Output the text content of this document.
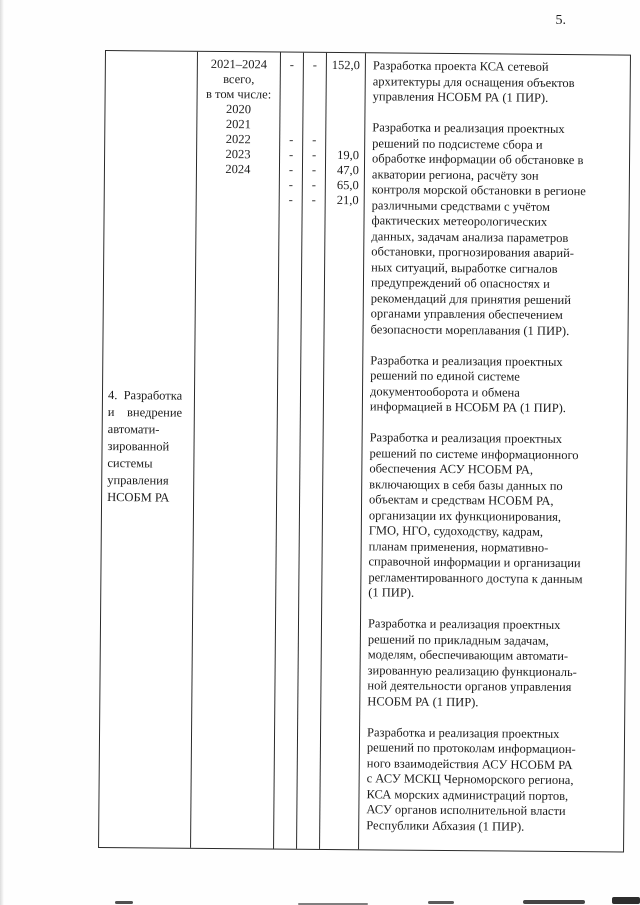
5.
4.  Разработка
и    внедрение
автомати-
зированной
системы
управления
НСОБМ РА
2021–2024
всего,
в том числе:
2020
2021
2022
2023
2024
-

-
-
-
-
-
-

-
-
-
-
-
152,0

19,0
47,0
65,0
21,0
Разработка проекта КСА сетевой
архитектуры для оснащения объектов
управления НСОБМ РА (1 ПИР).

Разработка и реализация проектных
решений по подсистеме сбора и
обработке информации об обстановке в
акватории региона, расчёту зон
контроля морской обстановки в регионе
различными средствами с учётом
фактических метеорологических
данных, задачам анализа параметров
обстановки, прогнозирования аварий-
ных ситуаций, выработке сигналов
предупреждений об опасностях и
рекомендаций для принятия решений
органами управления обеспечением
безопасности мореплавания (1 ПИР).

Разработка и реализация проектных
решений по единой системе
документооборота и обмена
информацией в НСОБМ РА (1 ПИР).

Разработка и реализация проектных
решений по системе информационного
обеспечения АСУ НСОБМ РА,
включающих в себя базы данных по
объектам и средствам НСОБМ РА,
организации их функционирования,
ГМО, НГО, судоходству, кадрам,
планам применения, нормативно-
справочной информации и организации
регламентированного доступа к данным
(1 ПИР).

Разработка и реализация проектных
решений по прикладным задачам,
моделям, обеспечивающим автомати-
зированную реализацию функциональ-
ной деятельности органов управления
НСОБМ РА (1 ПИР).

Разработка и реализация проектных
решений по протоколам информацион-
ного взаимодействия АСУ НСОБМ РА
с АСУ МСКЦ Черноморского региона,
КСА морских администраций портов,
АСУ органов исполнительной власти
Республики Абхазия (1 ПИР).
